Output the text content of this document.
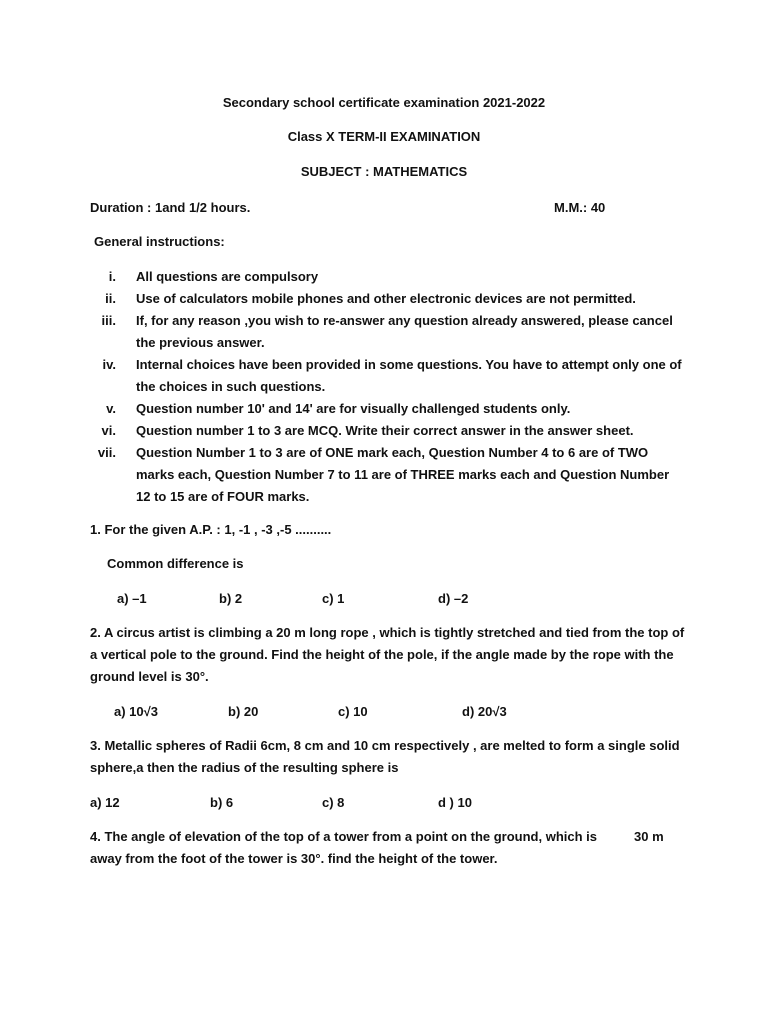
Secondary school certificate examination 2021-2022
Class X TERM-II EXAMINATION
SUBJECT : MATHEMATICS
Duration : 1and 1/2 hours.	M.M.: 40
General instructions:
i.	All questions are compulsory
ii.	Use of calculators mobile phones and other electronic devices are not permitted.
iii.	If, for any reason ,you wish to re-answer any question already answered, please cancel the previous answer.
iv.	Internal choices have been provided in some questions. You have to attempt only one of the choices in such questions.
v.	Question number 10' and 14' are for visually challenged students only.
vi.	Question number 1 to 3 are MCQ. Write their correct answer in the answer sheet.
vii.	Question Number 1 to 3 are of ONE mark each, Question Number 4 to 6 are of TWO marks each, Question Number 7 to 11 are of THREE marks each and Question Number 12 to 15 are of FOUR marks.
1. For the given A.P. : 1, -1 , -3 ,-5 ..........
Common difference is
a) –1	b) 2	c) 1	d) –2
2. A circus artist is climbing a 20 m long rope , which is tightly stretched and tied from the top of a vertical pole to the ground. Find the height of the pole, if the angle made by the rope with the ground level is 30°.
a) 10√3	b) 20	c) 10	d) 20√3
3. Metallic spheres of Radii 6cm, 8 cm and 10 cm respectively , are melted to form a single solid sphere,a then the radius of the resulting sphere is
a) 12	b) 6	c) 8	d ) 10
4. The angle of elevation of the top of a tower from a point on the ground, which is	30 m
away from the foot of the tower is 30°. find the height of the tower.
